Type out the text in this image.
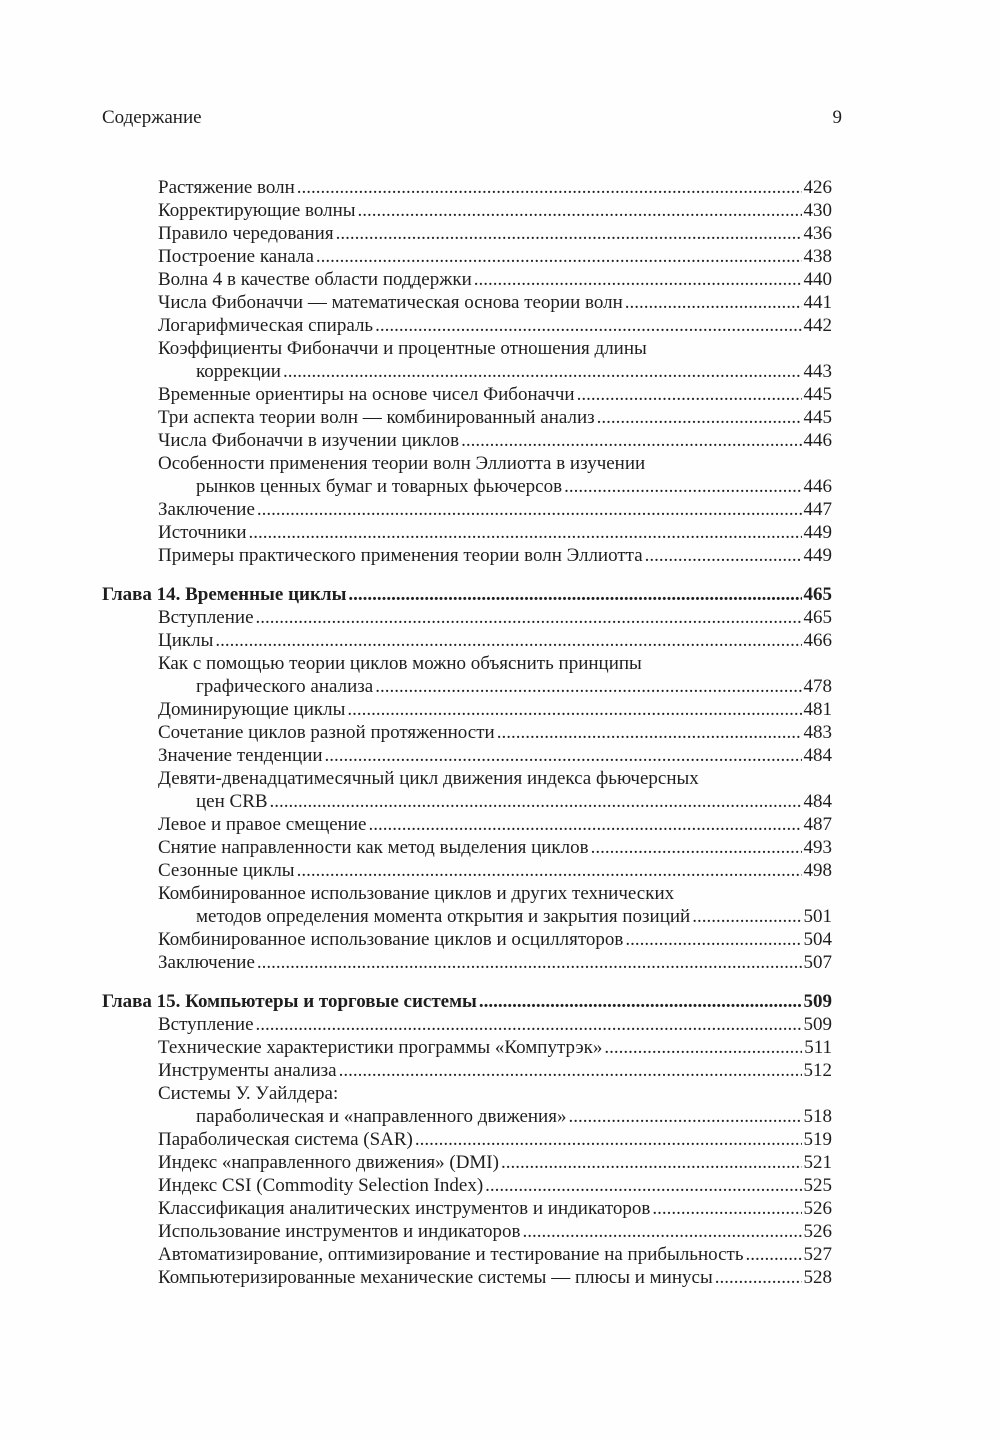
Содержание	9
Растяжение волн .....	426
Корректирующие волны .....	430
Правило чередования .....	436
Построение канала .....	438
Волна 4 в качестве области поддержки .....	440
Числа Фибоначчи — математическая основа теории волн .....	441
Логарифмическая спираль .....	442
Коэффициенты Фибоначчи и процентные отношения длины
коррекции .....	443
Временные ориентиры на основе чисел Фибоначчи .....	445
Три аспекта теории волн — комбинированный анализ .....	445
Числа Фибоначчи в изучении циклов .....	446
Особенности применения теории волн Эллиотта в изучении
рынков ценных бумаг и товарных фьючерсов .....	446
Заключение .....	447
Источники .....	449
Примеры практического применения теории волн Эллиотта .....	449
Глава 14. Временные циклы .....	465
Вступление .....	465
Циклы .....	466
Как с помощью теории циклов можно объяснить принципы
графического анализа .....	478
Доминирующие циклы .....	481
Сочетание циклов разной протяженности .....	483
Значение тенденции .....	484
Девяти-двенадцатимесячный цикл движения индекса фьючерсных
цен CRB .....	484
Левое и правое смещение .....	487
Снятие направленности как метод выделения циклов .....	493
Сезонные циклы .....	498
Комбинированное использование циклов и других технических
методов определения момента открытия и закрытия позиций .....	501
Комбинированное использование циклов и осцилляторов .....	504
Заключение .....	507
Глава 15. Компьютеры и торговые системы .....	509
Вступление .....	509
Технические характеристики программы «Компутрэк» .....	511
Инструменты анализа .....	512
Системы У. Уайлдера:
параболическая и «направленного движения» .....	518
Параболическая система (SAR) .....	519
Индекс «направленного движения» (DMI) .....	521
Индекс CSI (Commodity Selection Index) .....	525
Классификация аналитических инструментов и индикаторов .....	526
Использование инструментов и индикаторов .....	526
Автоматизирование, оптимизирование и тестирование на прибыльность .....	527
Компьютеризированные механические системы — плюсы и минусы .....	528
